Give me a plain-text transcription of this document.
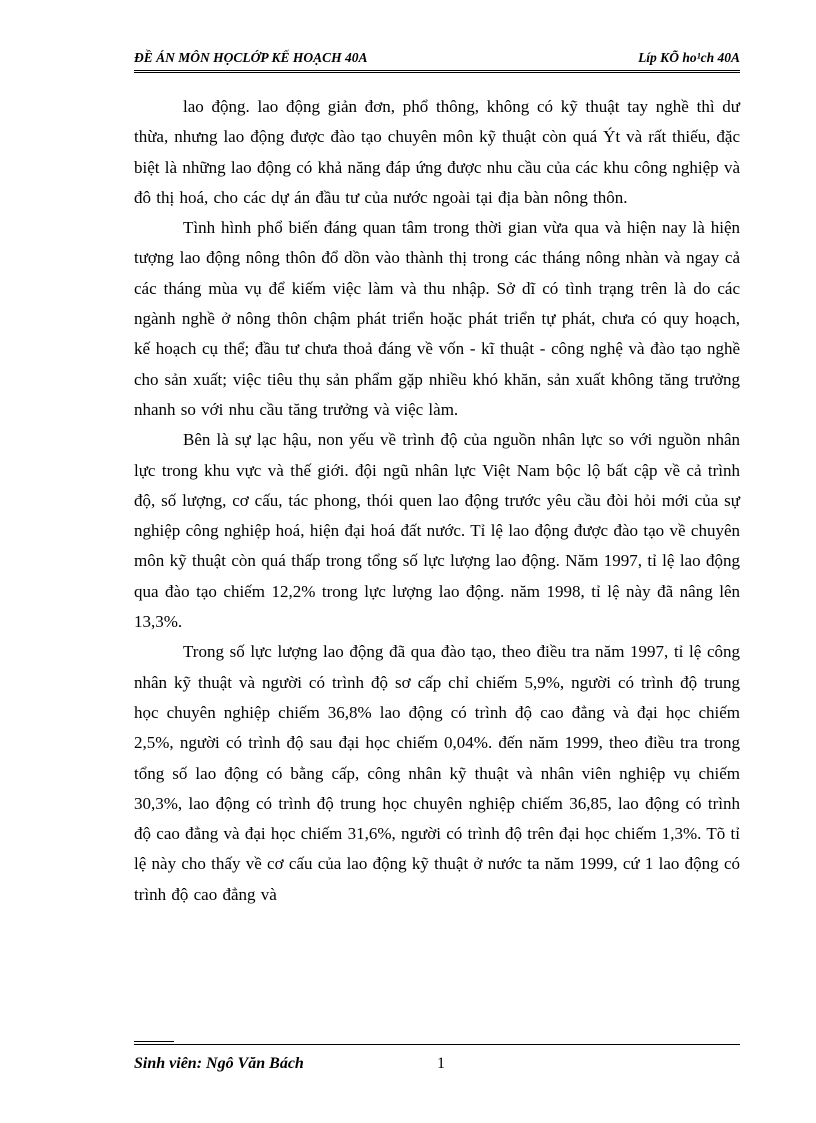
ĐỀ ÁN MÔN HỌCLỚP KẾ HOẠCH 40A	Líp KÕ ho¹ch 40A

lao động. lao động giản đơn, phổ thông, không có kỹ thuật tay nghề thì dư thừa, nhưng lao động được đào tạo chuyên môn kỹ thuật còn quá Ýt và rất thiếu, đặc biệt là những lao động có khả năng đáp ứng được nhu cầu của các khu công nghiệp và đô thị hoá, cho các dự án đầu tư của nước ngoài tại địa bàn nông thôn.

Tình hình phổ biến đáng quan tâm trong thời gian vừa qua và hiện nay là hiện tượng lao động nông thôn đổ dồn vào thành thị trong các tháng nông nhàn và ngay cả các tháng mùa vụ để kiếm việc làm và thu nhập. Sở dĩ có tình trạng trên là do các ngành nghề ở nông thôn chậm phát triển hoặc phát triển tự phát, chưa có quy hoạch, kế hoạch cụ thể; đầu tư chưa thoả đáng về vốn - kĩ thuật - công nghệ và đào tạo nghề cho sản xuất; việc tiêu thụ sản phẩm gặp nhiều khó khăn, sản xuất không tăng trưởng nhanh so với nhu cầu tăng trưởng và việc làm.

Bên là sự lạc hậu, non yếu về trình độ của nguồn nhân lực so với nguồn nhân lực trong khu vực và thế giới. đội ngũ nhân lực Việt Nam bộc lộ bất cập về cả trình độ, số lượng, cơ cấu, tác phong, thói quen lao động trước yêu cầu đòi hỏi mới của sự nghiệp công nghiệp hoá, hiện đại hoá đất nước. Tỉ lệ lao động được đào tạo về chuyên môn kỹ thuật còn quá thấp trong tổng số lực lượng lao động. Năm 1997, tỉ lệ lao động qua đào tạo chiếm 12,2% trong lực lượng lao động. năm 1998, tỉ lệ này đã nâng lên 13,3%.

Trong số lực lượng lao động đã qua đào tạo, theo điều tra năm 1997, tỉ lệ công nhân kỹ thuật và người có trình độ sơ cấp chỉ chiếm 5,9%, người có trình độ trung học chuyên nghiệp chiếm 36,8% lao động có trình độ cao đẳng và đại học chiếm 2,5%, người có trình độ sau đại học chiếm 0,04%. đến năm 1999, theo điều tra trong tổng số lao động có bằng cấp, công nhân kỹ thuật và nhân viên nghiệp vụ chiếm 30,3%, lao động có trình độ trung học chuyên nghiệp chiếm 36,85, lao động có trình độ cao đẳng và đại học chiếm 31,6%, người có trình độ trên đại học chiếm 1,3%. Tõ tỉ lệ này cho thấy về cơ cấu của lao động kỹ thuật ở nước ta năm 1999, cứ 1 lao động có trình độ cao đẳng và

Sinh viên: Ngô Văn Bách	1
